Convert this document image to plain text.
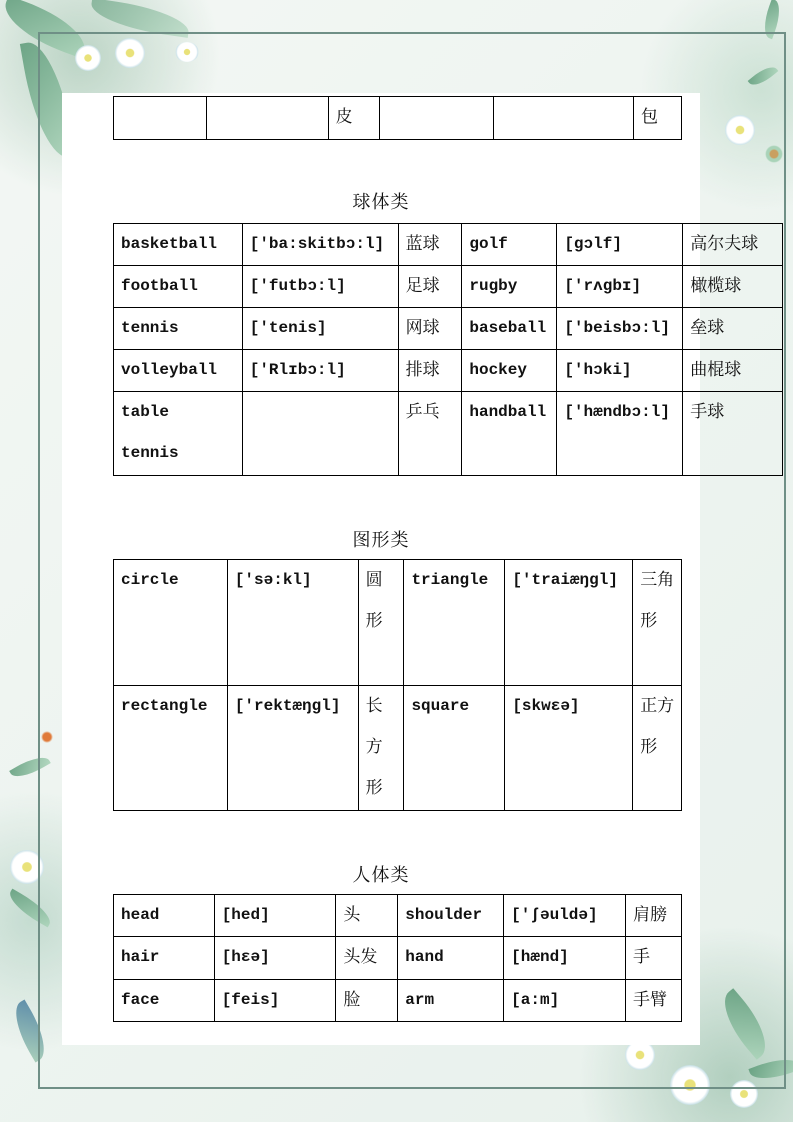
		皮			包
球体类
basketball	['ba:skitbɔ:l]	蓝球	golf	[gɔlf]	高尔夫球
football	['futbɔ:l]	足球	rugby	['rʌgbɪ]	橄榄球
tennis	['tenis]	网球	baseball	['beisbɔ:l]	垒球
volleyball	['Rlɪbɔ:l]	排球	hockey	['hɔki]	曲棍球
table tennis		乒乓	handball	['hændbɔ:l]	手球
图形类
circle	['sə:kl]	圆形	triangle	['traiæŋgl]	三角形
rectangle	['rektæŋgl]	长方形	square	[skwɛə]	正方形
人体类
head	[hed]	头	shoulder	['ʃəuldə]	肩膀
hair	[hɛə]	头发	hand	[hænd]	手
face	[feis]	脸	arm	[a:m]	手臂
